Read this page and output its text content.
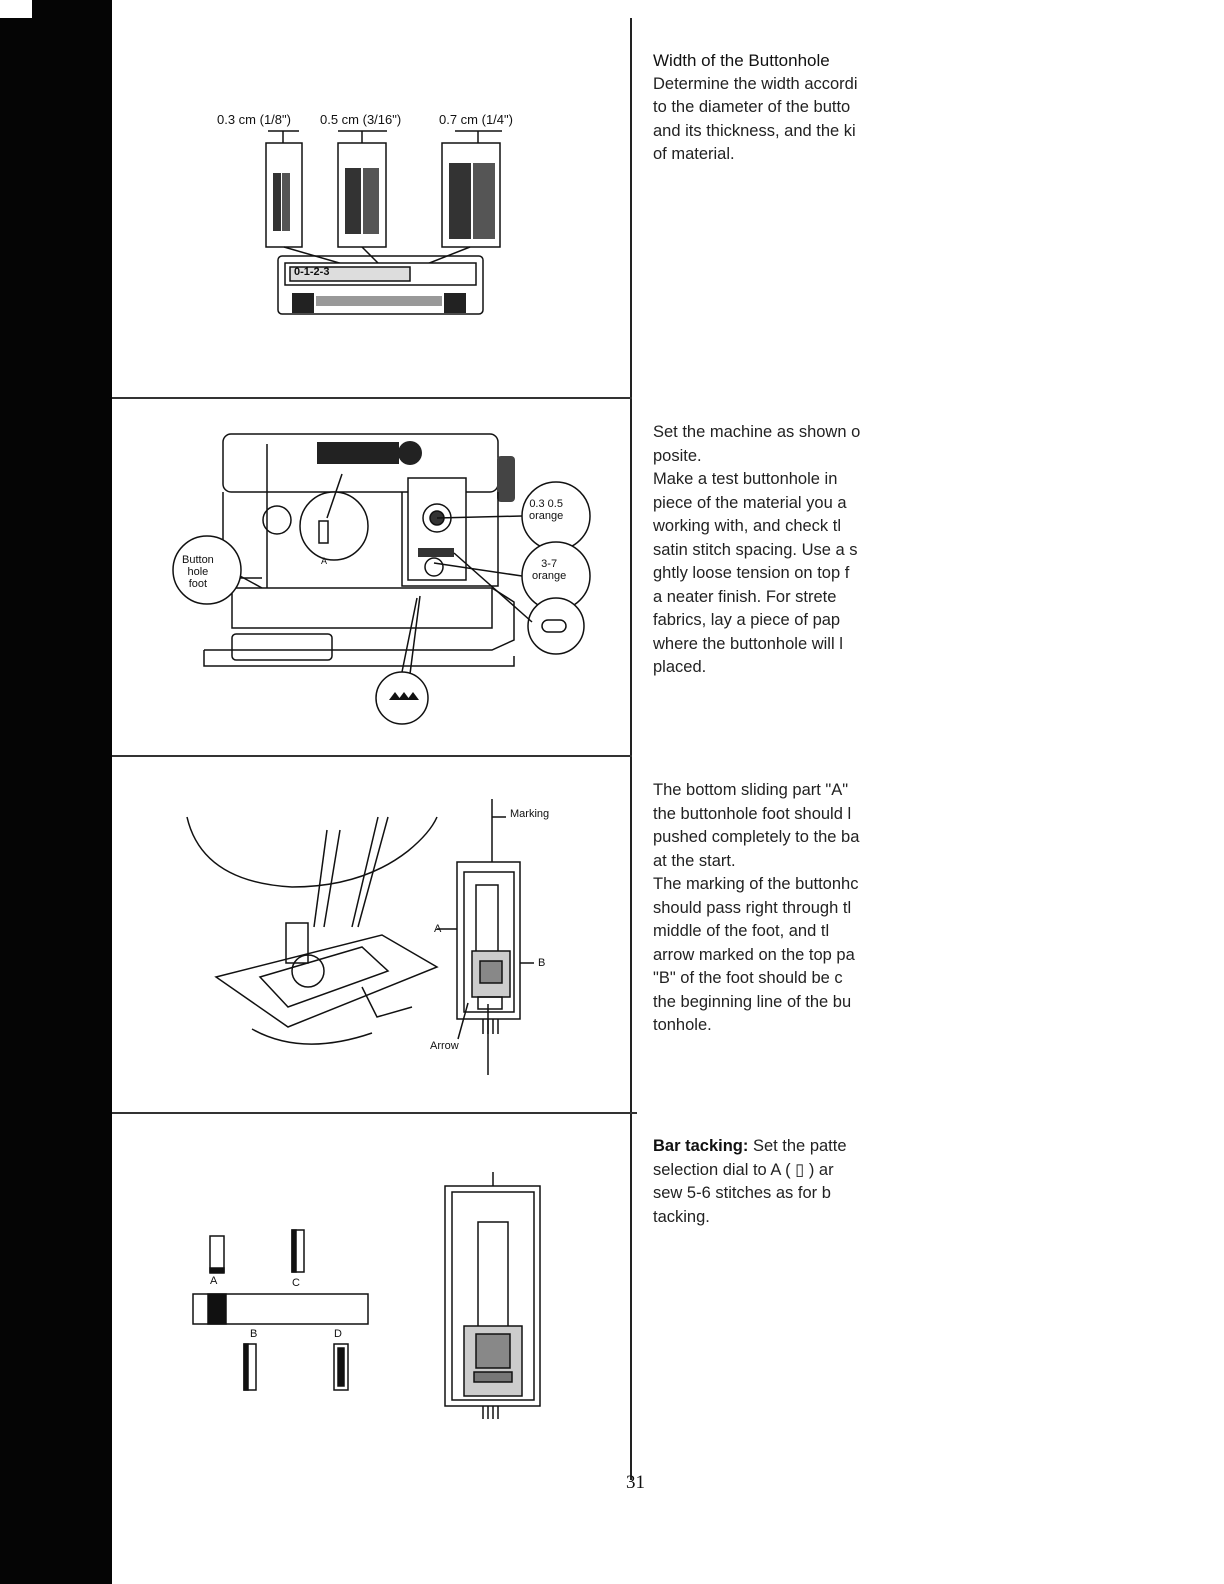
0.3 cm (1/8") 0.5 cm (3/16")	0.7 cm (1/4")
0-1-2-3
Button
hole
foot
0.3 0.5
orange
3-7
orange
A
Marking
A
B
Arrow
A	C
B	D

Width of the Buttonhole

Determine the width accordi

to the diameter of the butto

and its thickness, and the ki

of material.

Set the machine as shown o

posite.

Make a test buttonhole in

piece of the material you a

working with, and check tl

satin stitch spacing. Use a s

ghtly loose tension on top f

a neater finish. For strete

fabrics, lay a piece of pap

where the buttonhole will l

placed.

The bottom sliding part "A"

the buttonhole foot should l

pushed completely to the ba

at the start.

The marking of the buttonhc

should pass right through tl

middle of the foot, and tl

arrow marked on the top pa

"B" of the foot should be c

the beginning line of the bu

tonhole.

Bar tacking: Set the patte

selection dial to A ( ▯ ) ar

sew 5-6 stitches as for b

tacking.

31
